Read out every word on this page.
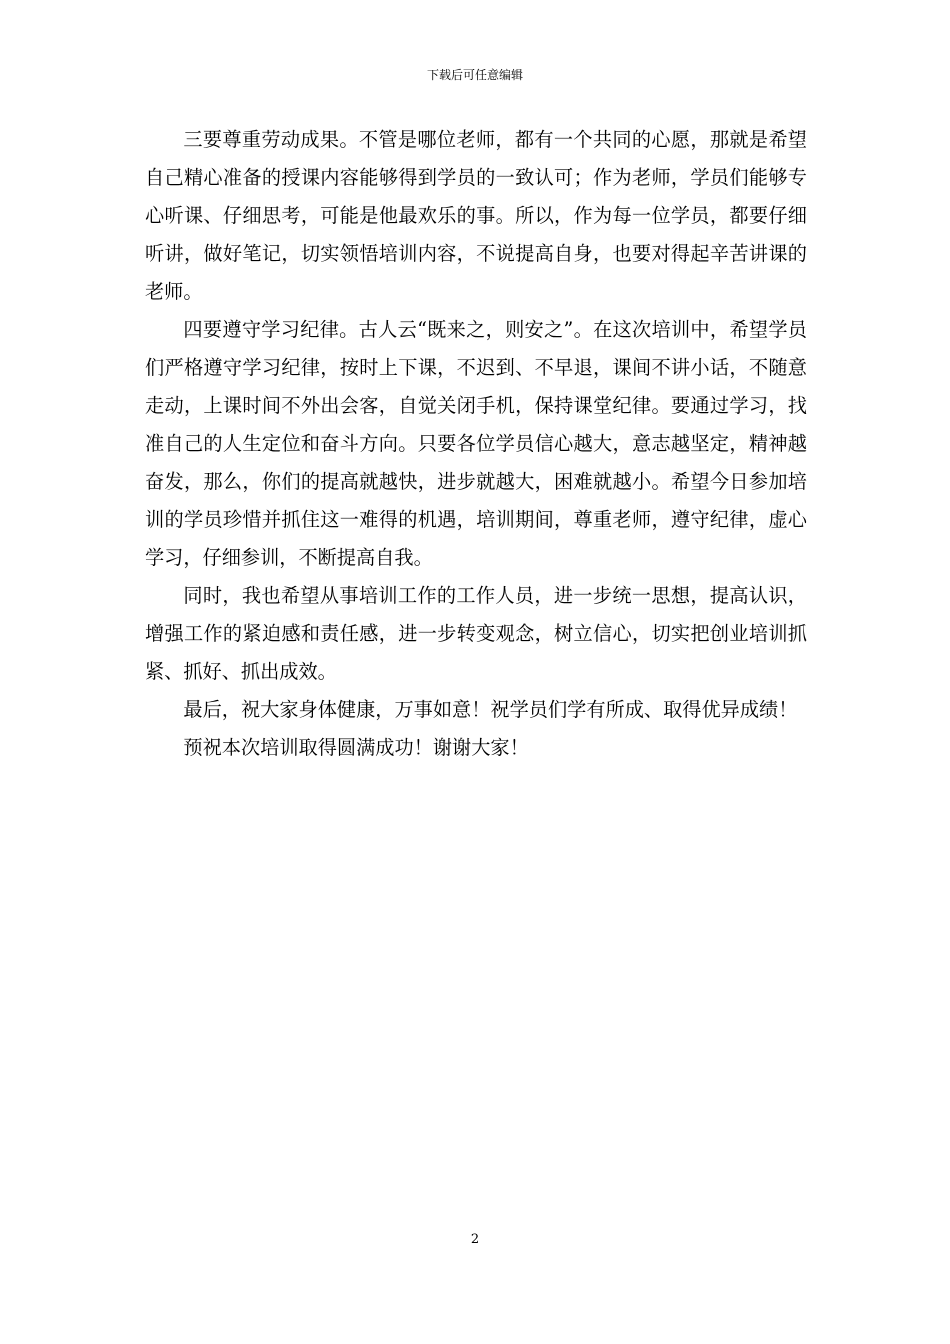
下载后可任意编辑

三要尊重劳动成果。不管是哪位老师，都有一个共同的心愿，那就是希望自己精心准备的授课内容能够得到学员的一致认可；作为老师，学员们能够专心听课、仔细思考，可能是他最欢乐的事。所以，作为每一位学员，都要仔细听讲，做好笔记，切实领悟培训内容，不说提高自身，也要对得起辛苦讲课的老师。

四要遵守学习纪律。古人云“既来之，则安之”。在这次培训中，希望学员们严格遵守学习纪律，按时上下课，不迟到、不早退，课间不讲小话，不随意走动，上课时间不外出会客，自觉关闭手机，保持课堂纪律。要通过学习，找准自己的人生定位和奋斗方向。只要各位学员信心越大，意志越坚定，精神越奋发，那么，你们的提高就越快，进步就越大，困难就越小。希望今日参加培训的学员珍惜并抓住这一难得的机遇，培训期间，尊重老师，遵守纪律，虚心学习，仔细参训，不断提高自我。

同时，我也希望从事培训工作的工作人员，进一步统一思想，提高认识，增强工作的紧迫感和责任感，进一步转变观念，树立信心，切实把创业培训抓紧、抓好、抓出成效。

最后，祝大家身体健康，万事如意！祝学员们学有所成、取得优异成绩！

预祝本次培训取得圆满成功！谢谢大家！

2
